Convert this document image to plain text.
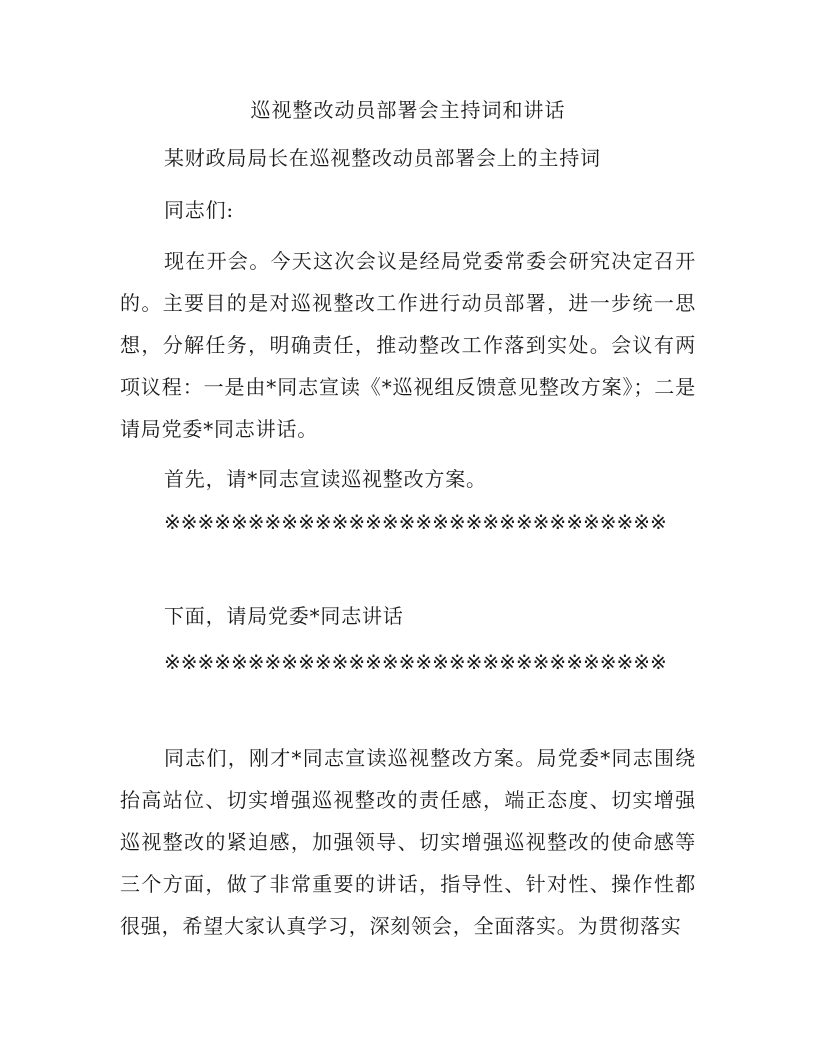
巡视整改动员部署会主持词和讲话

某财政局局长在巡视整改动员部署会上的主持词

同志们:

现在开会。今天这次会议是经局党委常委会研究决定召开的。主要目的是对巡视整改工作进行动员部署，进一步统一思想，分解任务，明确责任，推动整改工作落到实处。会议有两项议程：一是由*同志宣读《*巡视组反馈意见整改方案》；二是请局党委*同志讲话。

首先，请*同志宣读巡视整改方案。

※※※※※※※※※※※※※※※※※※※※※※※※※※※※※※

下面，请局党委*同志讲话

※※※※※※※※※※※※※※※※※※※※※※※※※※※※※※

同志们，刚才*同志宣读巡视整改方案。局党委*同志围绕抬高站位、切实增强巡视整改的责任感，端正态度、切实增强巡视整改的紧迫感，加强领导、切实增强巡视整改的使命感等三个方面，做了非常重要的讲话，指导性、针对性、操作性都很强，希望大家认真学习，深刻领会，全面落实。为贯彻落实
